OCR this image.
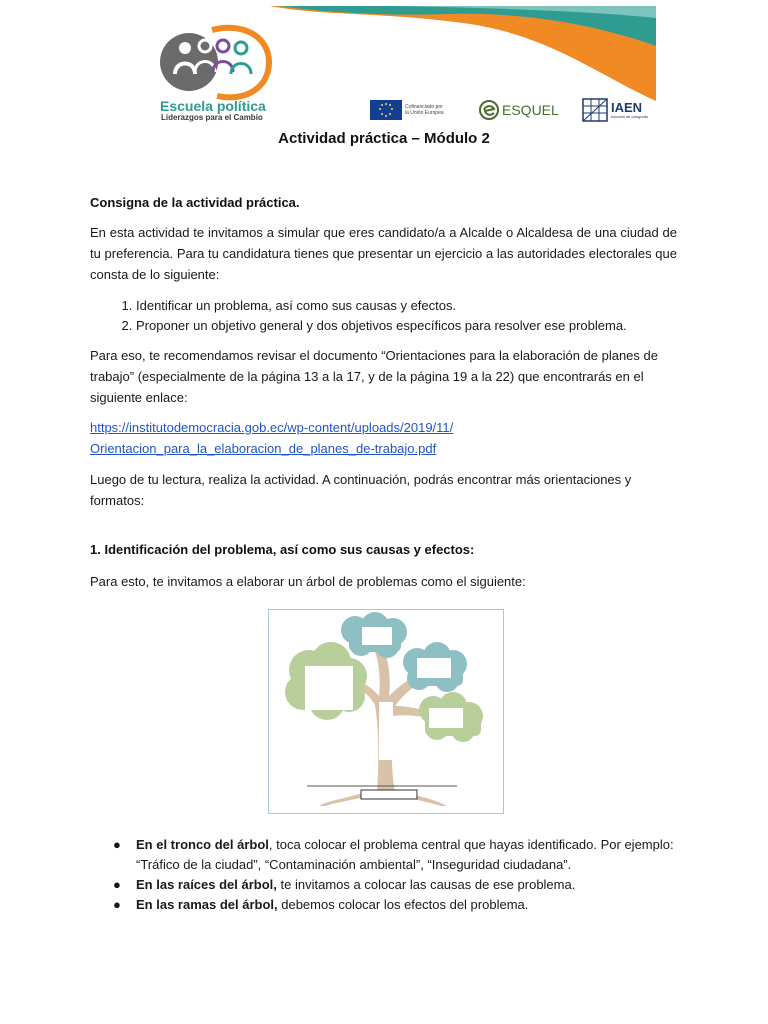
Escuela política
Liderazgos para el Cambio
Cofinanciado por la Unión Europea	ESQUEL	IAEN
escuela de posgrado
Actividad práctica – Módulo 2
Consigna de la actividad práctica.
En esta actividad te invitamos a simular que eres candidato/a a Alcalde o Alcaldesa de una ciudad de tu preferencia. Para tu candidatura tienes que presentar un ejercicio a las autoridades electorales que consta de lo siguiente:
1. Identificar un problema, así como sus causas y efectos.
2. Proponer un objetivo general y dos objetivos específicos para resolver ese problema.
Para eso, te recomendamos revisar el documento “Orientaciones para la elaboración de planes de trabajo” (especialmente de la página 13 a la 17, y de la página 19 a la 22) que encontrarás en el siguiente enlace:
https://institutodemocracia.gob.ec/wp-content/uploads/2019/11/
Orientacion_para_la_elaboracion_de_planes_de-trabajo.pdf
Luego de tu lectura, realiza la actividad. A continuación, podrás encontrar más orientaciones y formatos:
1. Identificación del problema, así como sus causas y efectos:
Para esto, te invitamos a elaborar un árbol de problemas como el siguiente:
● En el tronco del árbol, toca colocar el problema central que hayas identificado. Por ejemplo: “Tráfico de la ciudad”, “Contaminación ambiental”, “Inseguridad ciudadana”.
● En las raíces del árbol, te invitamos a colocar las causas de ese problema.
● En las ramas del árbol, debemos colocar los efectos del problema.
